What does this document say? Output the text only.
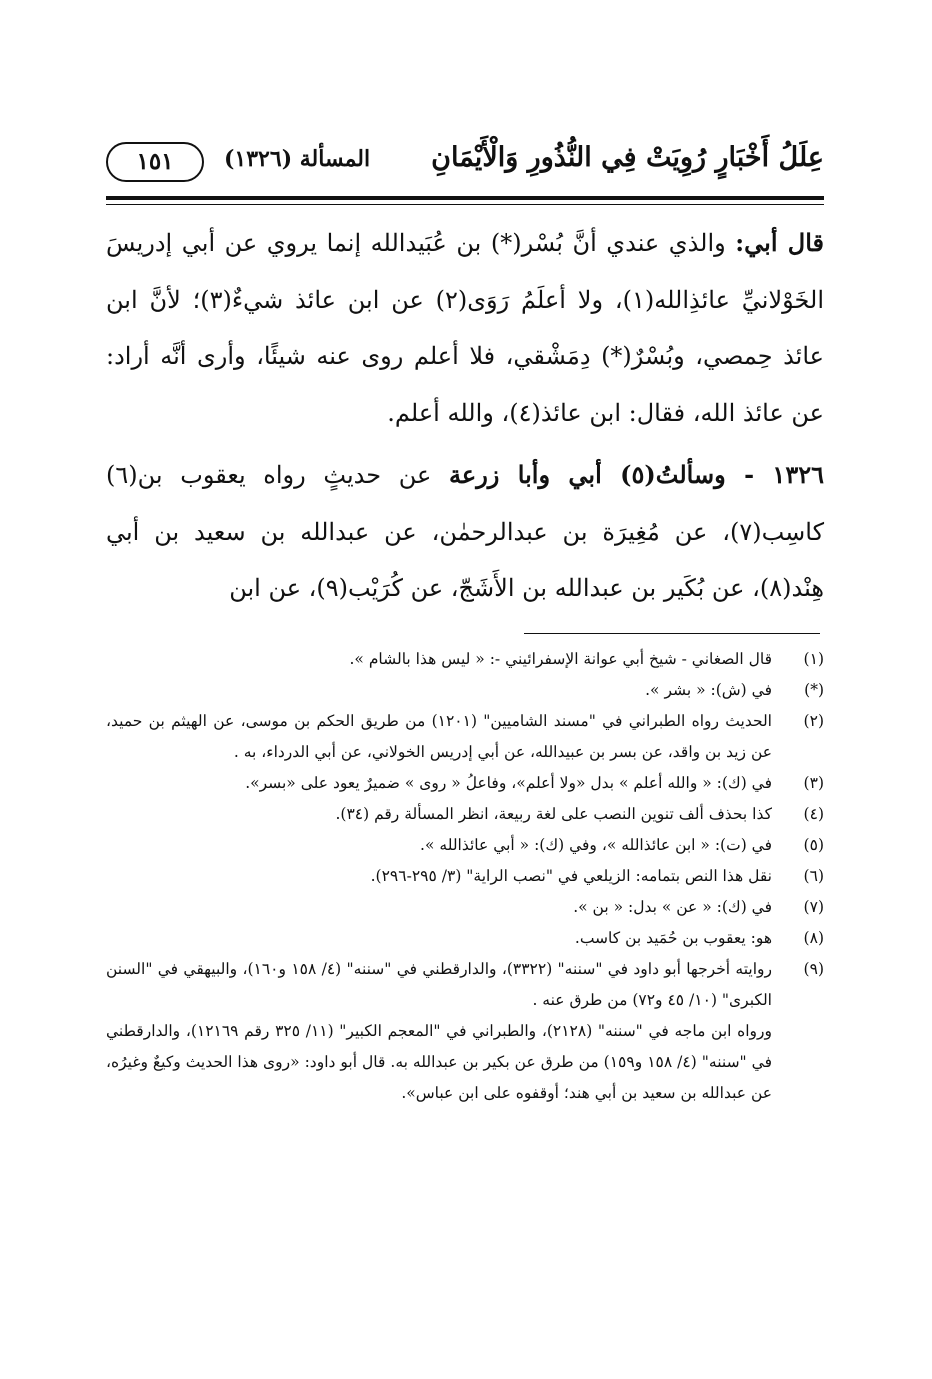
عِلَلُ أَخْبَارٍ رُوِيَتْ فِي النُّذُورِ وَالْأَيْمَانِ
المسألة (١٣٢٦)
١٥١

قال أبي: والذي عندي أنَّ بُسْر(*) بن عُبَيدالله إنما يروي عن أبي إدريسَ الخَوْلانيِّ عائذِالله(١)، ولا أعلَمُ رَوَى(٢) عن ابن عائذ شيءٌ(٣)؛ لأنَّ ابن عائذ حِمصي، وبُسْرٌ(*) دِمَشْقي، فلا أعلم روى عنه شيئًا، وأرى أنَّه أراد: عن عائذ الله، فقال: ابن عائذ(٤)، والله أعلم.

١٣٢٦ - وسألتُ(٥) أبي وأبا زرعة عن حديثٍ رواه يعقوب بن(٦) كاسِب(٧)، عن مُغِيرَة بن عبدالرحمٰن، عن عبدالله بن سعيد بن أبي هِنْد(٨)، عن بُكَير بن عبدالله بن الأَشَجّ، عن كُرَيْب(٩)، عن ابن

(١)
قال الصغاني - شيخ أبي عوانة الإسفرائيني -: « ليس هذا بالشام ».
(*)
في (ش): « بشر ».
(٢)
الحديث رواه الطبراني في "مسند الشاميين" (١٢٠١) من طريق الحكم بن موسى، عن الهيثم بن حميد، عن زيد بن واقد، عن بسر بن عبيدالله، عن أبي إدريس الخولاني، عن أبي الدرداء، به .
(٣)
في (ك): « والله أعلم » بدل «ولا أعلم»، وفاعلُ « روى » ضميرٌ يعود على «بسر».
(٤)
كذا بحذف ألف تنوين النصب على لغة ربيعة، انظر المسألة رقم (٣٤).
(٥)
في (ت): « ابن عائذالله »، وفي (ك): « أبي عائذالله ».
(٦)
نقل هذا النص بتمامه: الزيلعي في "نصب الراية" (٣/ ٢٩٥-٢٩٦).
(٧)
في (ك): « عن » بدل: « بن ».
(٨)
هو: يعقوب بن حُمَيد بن كاسب.
(٩)
روايته أخرجها أبو داود في "سننه" (٣٣٢٢)، والدارقطني في "سننه" (٤/ ١٥٨ و١٦٠)، والبيهقي في "السنن الكبرى" (١٠/ ٤٥ و٧٢) من طرق عنه .
ورواه ابن ماجه في "سننه" (٢١٢٨)، والطبراني في "المعجم الكبير" (١١/ ٣٢٥ رقم ١٢١٦٩)، والدارقطني في "سننه" (٤/ ١٥٨ و١٥٩) من طرق عن بكير بن عبدالله به. قال أبو داود: «روى هذا الحديث وكيعٌ وغيرُه، عن عبدالله بن سعيد بن أبي هند؛ أوقفوه على ابن عباس».
